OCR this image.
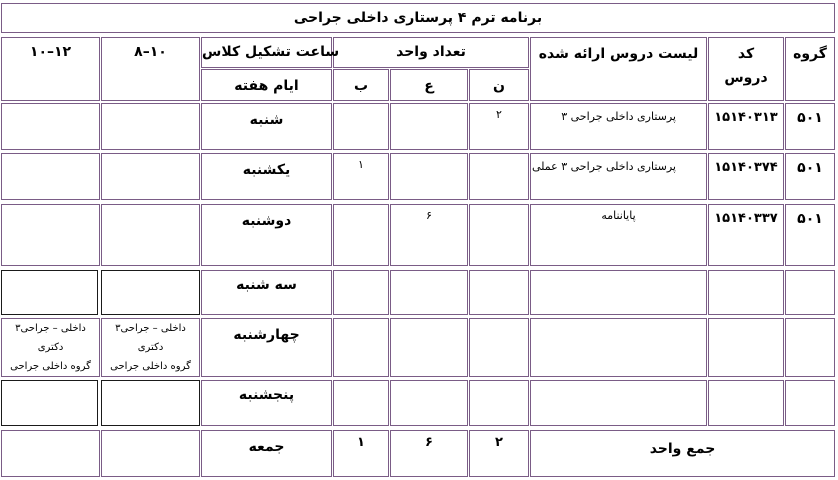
برنامه ترم ۴ پرستاری داخلی جراحی
گروه
کد
دروس
لیست دروس ارائه شده
تعداد واحد
ساعت تشکیل کلاس
۸–۱۰
۱۰–۱۲
ن
ع
ب
ایام هفته
۵۰۱
۱۵۱۴۰۳۱۳
پرستاری داخلی جراحی ۳
۲
شنبه
۵۰۱
۱۵۱۴۰۳۷۴
پرستاری داخلی جراحی ۳ عملی
۱
یکشنبه
۵۰۱
۱۵۱۴۰۳۳۷
پایاننامه
۶
دوشنبه
سه شنبه
چهارشنبه
داخلی – جراحی۳
دکتری
گروه داخلی جراحی
داخلی – جراحی۳
دکتری
گروه داخلی جراحی
پنجشنبه
جمع واحد
۲
۶
۱
جمعه
